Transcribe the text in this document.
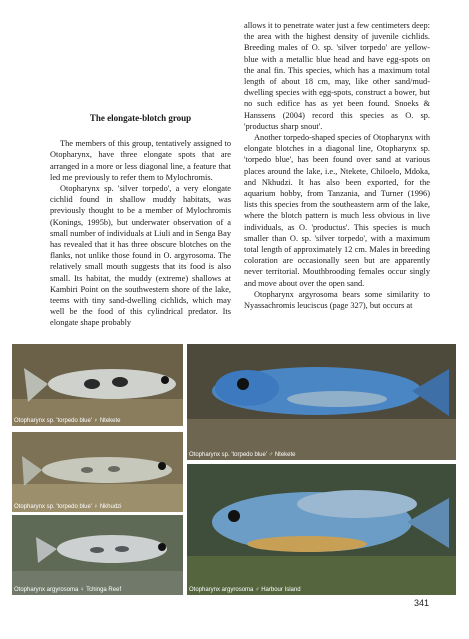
The elongate-blotch group

The members of this group, tentatively assigned to Otopharynx, have three elongate spots that are arranged in a more or less diagonal line, a feature that led me previously to refer them to Mylochromis.

Otopharynx sp. 'silver torpedo', a very elongate cichlid found in shallow muddy habitats, was previously thought to be a member of Mylochromis (Konings, 1995b), but underwater observation of a small number of individuals at Liuli and in Senga Bay has revealed that it has three obscure blotches on the flanks, not unlike those found in O. argyrosoma. The relatively small mouth suggests that its food is also small. Its habitat, the muddy (extreme) shallows at Kambiri Point on the southwestern shore of the lake, teems with tiny sand-dwelling cichlids, which may well be the food of this cylindrical predator. Its elongate shape probably

allows it to penetrate water just a few centimeters deep: the area with the highest density of juvenile cichlids. Breeding males of O. sp. 'silver torpedo' are yellow-blue with a metallic blue head and have egg-spots on the anal fin. This species, which has a maximum total length of about 18 cm, may, like other sand/mud-dwelling species with egg-spots, construct a bower, but no such edifice has as yet been found. Snoeks & Hanssens (2004) record this species as O. sp. 'productus sharp snout'.

Another torpedo-shaped species of Otopharynx with elongate blotches in a diagonal line, Otopharynx sp. 'torpedo blue', has been found over sand at various places around the lake, i.e., Ntekete, Chiloelo, Mdoka, and Nkhudzi. It has also been exported, for the aquarium hobby, from Tanzania, and Turner (1996) lists this species from the southeastern arm of the lake, where the blotch pattern is much less obvious in live individuals, as O. 'productus'. This species is much smaller than O. sp. 'silver torpedo', with a maximum total length of approximately 12 cm. Males in breeding coloration are occasionally seen but are apparently never territorial. Mouthbrooding females occur singly and move about over the open sand.

Otopharynx argyrosoma bears some similarity to Nyassachromis leuciscus (page 327), but occurs at

Otopharynx sp. 'torpedo blue' ♀ Ntekete
Otopharynx sp. 'torpedo blue' ♀ Nkhudzi
Otopharynx argyrosoma ♀ Tchinga Reef
Otopharynx sp. 'torpedo blue' ♂ Ntekete
Otopharynx argyrosoma ♂ Harbour Island
341
